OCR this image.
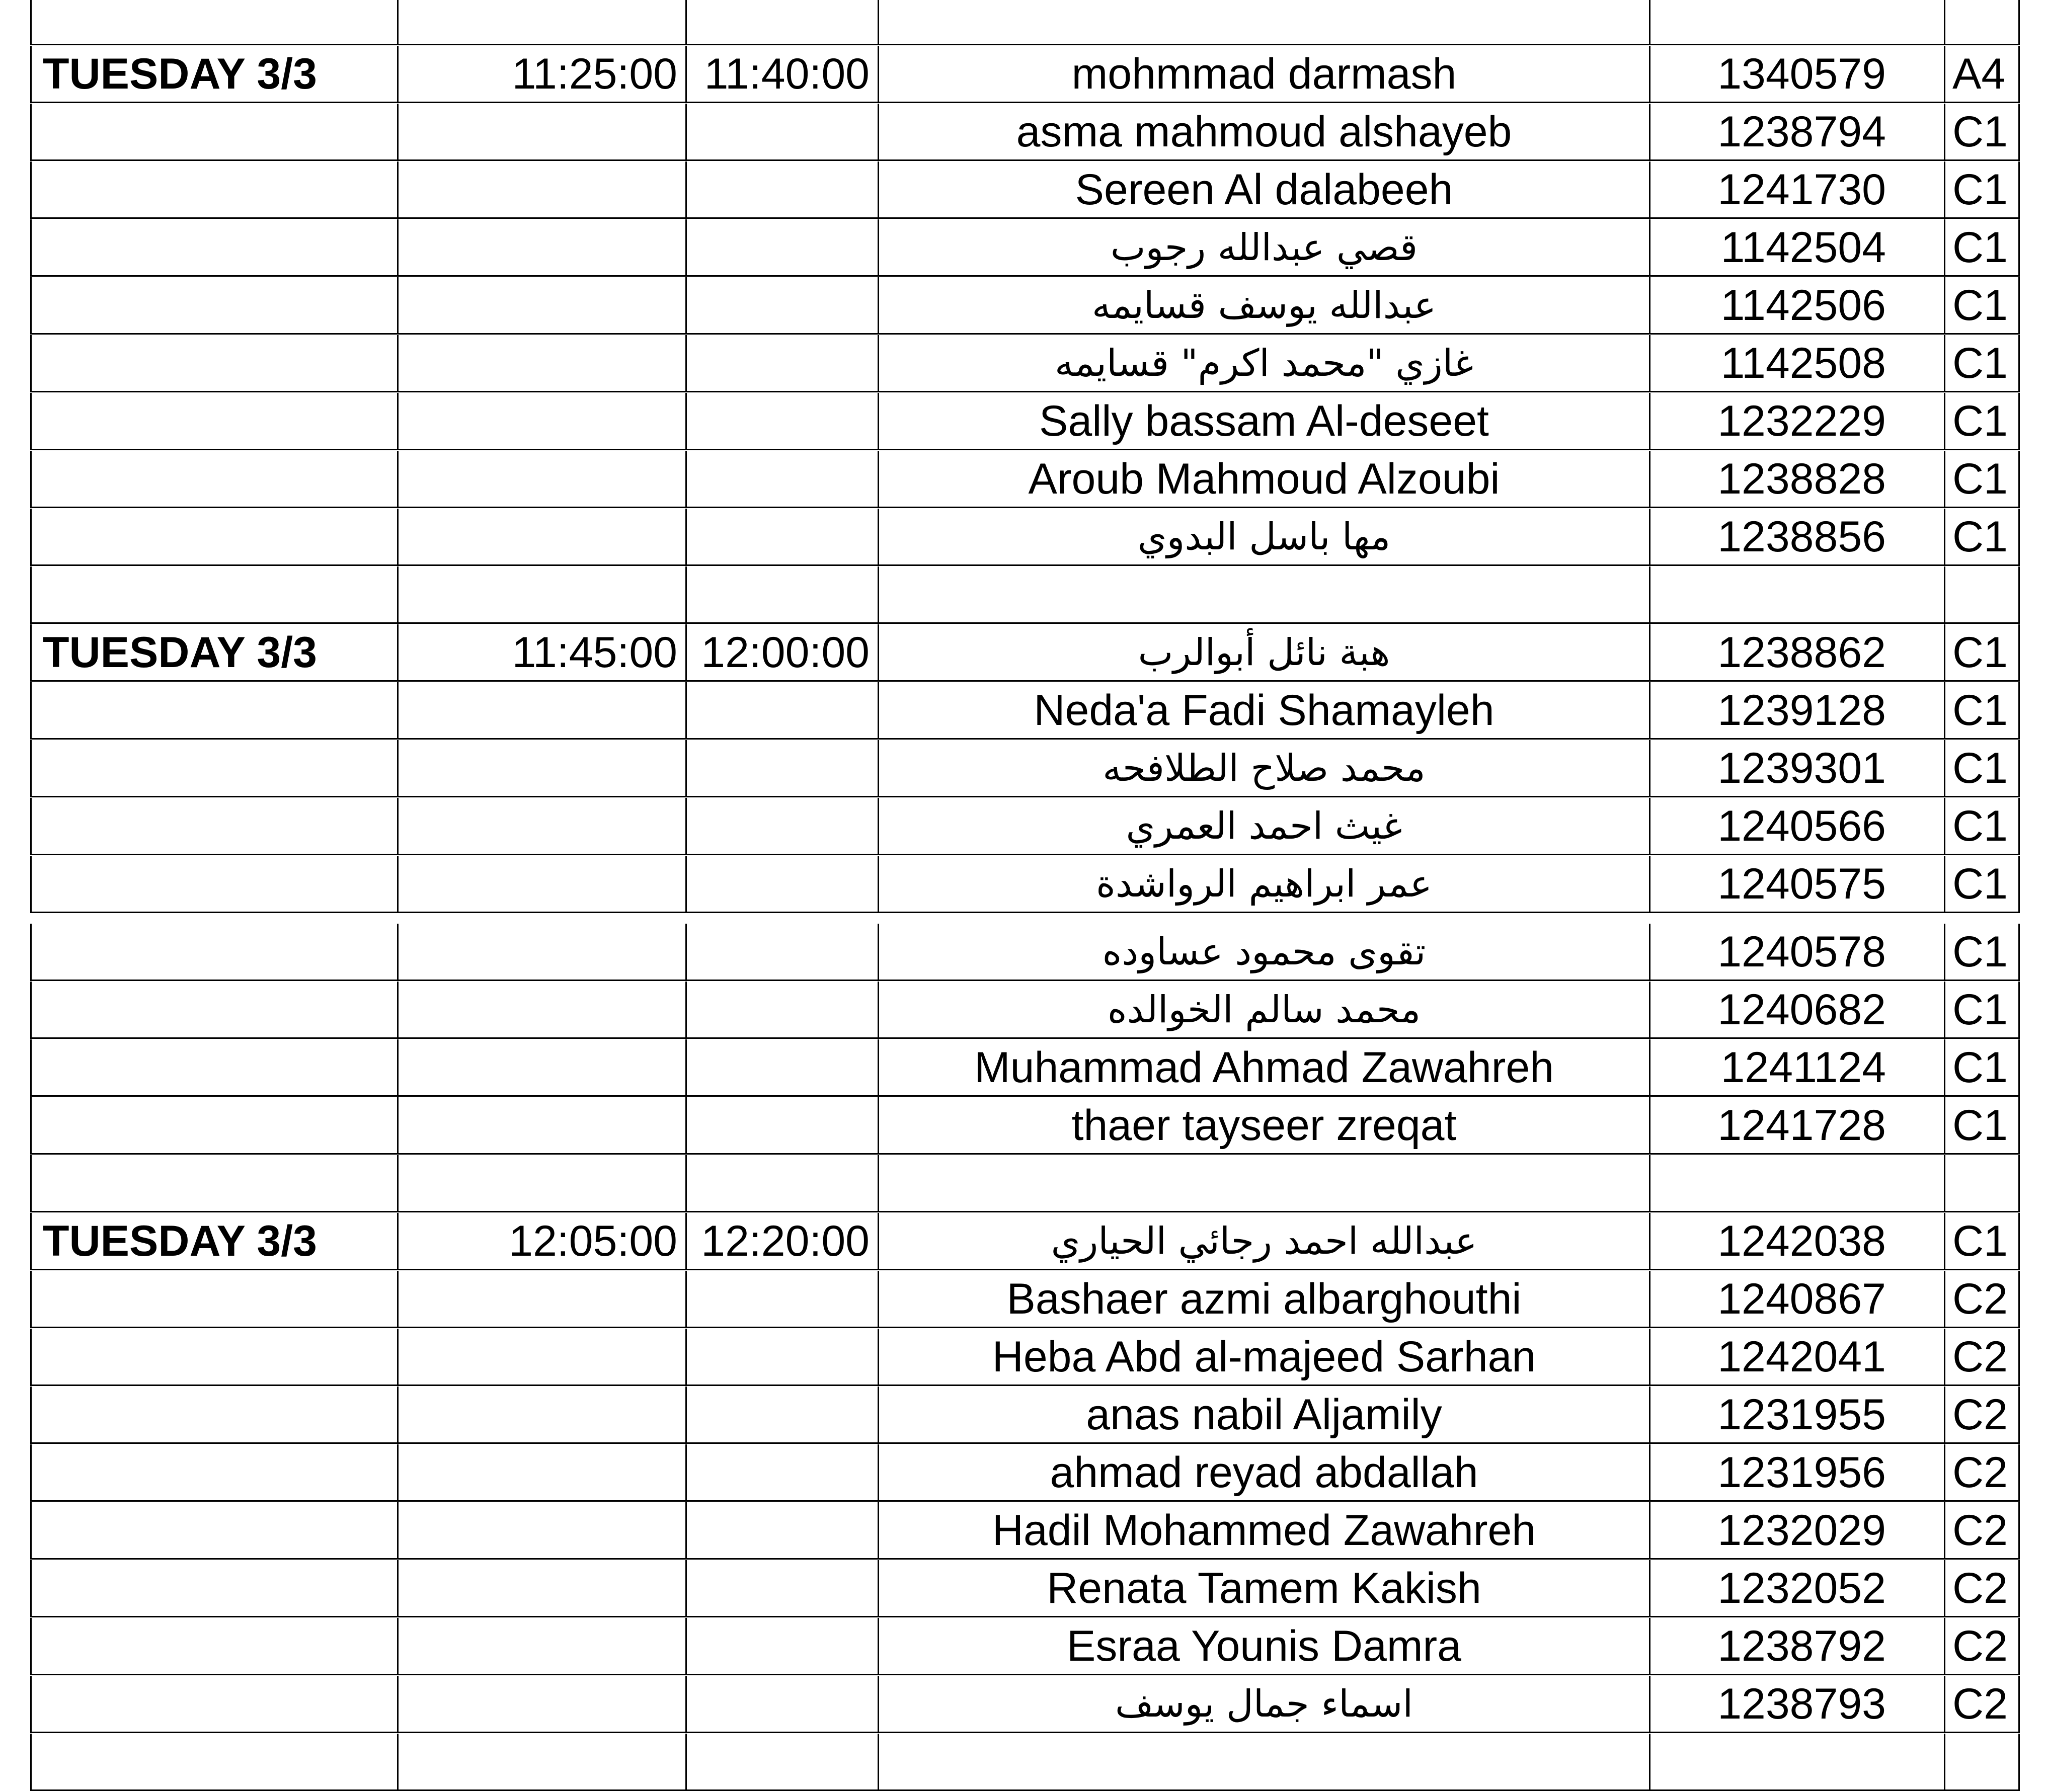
TUESDAY 3/3	11:25:00 11:40:00	mohmmad darmash	1340579	A4
asma mahmoud alshayeb	1238794	C1
Sereen Al dalabeeh	1241730	C1
قصي عبدالله رجوب	1142504	C1
عبدالله يوسف قسايمه	1142506	C1
غازي "محمد اكرم" قسايمه	1142508	C1
Sally bassam Al-deseet	1232229	C1
Aroub Mahmoud Alzoubi	1238828	C1
مها باسل البدوي	1238856	C1
TUESDAY 3/3	11:45:00 12:00:00	هبة نائل أبوالرب	1238862	C1
Neda'a Fadi Shamayleh	1239128	C1
محمد صلاح الطلافحه	1239301	C1
غيث احمد العمري	1240566	C1
عمر ابراهيم الرواشدة	1240575	C1
تقوى محمود عساوده	1240578	C1
محمد سالم الخوالده	1240682	C1
Muhammad Ahmad Zawahreh	1241124	C1
thaer tayseer zreqat	1241728	C1
TUESDAY 3/3	12:05:00 12:20:00	عبدالله احمد رجائي الحياري	1242038	C1
Bashaer azmi albarghouthi	1240867	C2
Heba Abd al-majeed Sarhan	1242041	C2
anas nabil Aljamily	1231955	C2
ahmad reyad abdallah	1231956	C2
Hadil Mohammed Zawahreh	1232029	C2
Renata Tamem Kakish	1232052	C2
Esraa Younis Damra	1238792	C2
اسماء جمال يوسف	1238793	C2
